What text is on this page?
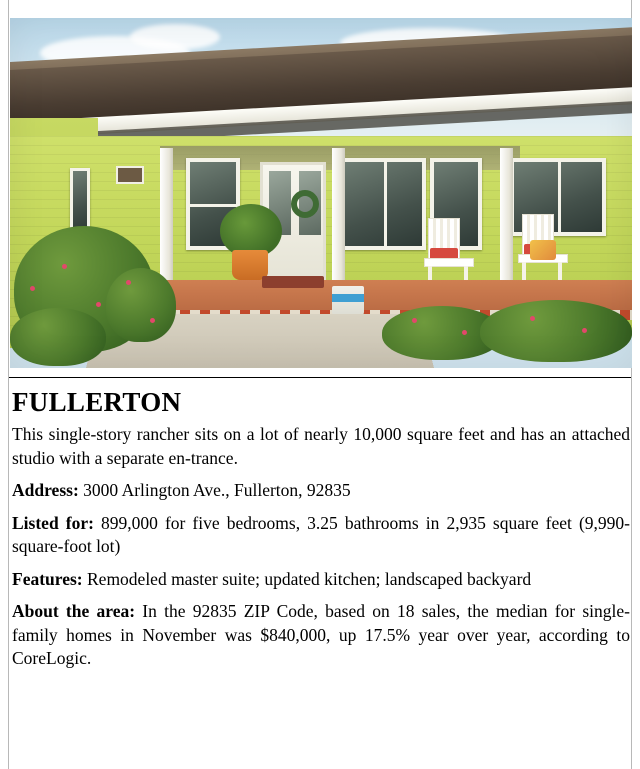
FULLERTON

This single-story rancher sits on a lot of nearly 10,000 square feet and has an attached studio with a separate en-trance.

Address: 3000 Arlington Ave., Fullerton, 92835

Listed for: 899,000 for five bedrooms, 3.25 bathrooms in 2,935 square feet (9,990-square-foot lot)

Features: Remodeled master suite; updated kitchen; landscaped backyard

About the area: In the 92835 ZIP Code, based on 18 sales, the median for single-family homes in November was $840,000, up 17.5% year over year, according to CoreLogic.
